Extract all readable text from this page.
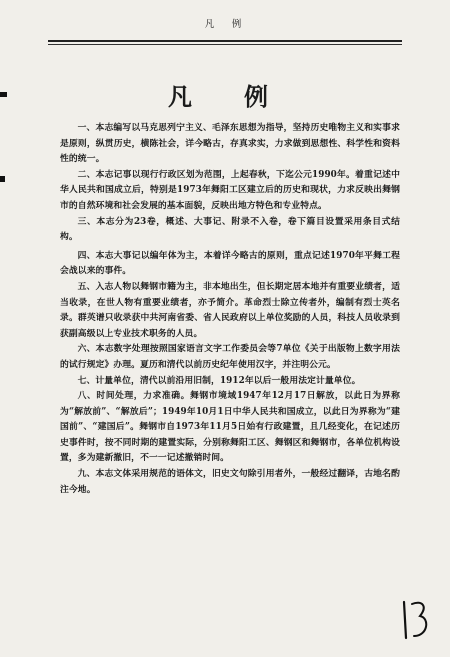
凡　例
凡　例

一、本志编写以马克思列宁主义、毛泽东思想为指导，坚持历史唯物主义和实事求是原则，纵贯历史，横陈社会，详今略古，存真求实，力求做到思想性、科学性和资料性的统一。

二、本志记事以现行行政区划为范围，上起春秋，下迄公元1990年。着重记述中华人民共和国成立后，特别是1973年舞阳工区建立后的历史和现状，力求反映出舞钢市的自然环境和社会发展的基本面貌，反映出地方特色和专业特点。

三、本志分为23卷，概述、大事记、附录不入卷，卷下篇目设置采用条目式结构。

四、本志大事记以编年体为主，本着详今略古的原则，重点记述1970年平舞工程会战以来的事件。

五、入志人物以舞钢市籍为主，非本地出生，但长期定居本地并有重要业绩者，适当收录，在世人物有重要业绩者，亦予简介。革命烈士除立传者外，编制有烈士英名录。群英谱只收录获中共河南省委、省人民政府以上单位奖励的人员，科技人员收录到获副高级以上专业技术职务的人员。

六、本志数字处理按照国家语言文字工作委员会等7单位《关于出版物上数字用法的试行规定》办理。夏历和清代以前历史纪年使用汉字，并注明公元。

七、计量单位，清代以前沿用旧制，1912年以后一般用法定计量单位。

八、时间处理，力求准确。舞钢市境域1947年12月17日解放，以此日为界称为“解放前”、“解放后”；1949年10月1日中华人民共和国成立，以此日为界称为“建国前”、“建国后”。舞钢市自1973年11月5日始有行政建置，且几经变化，在记述历史事件时，按不同时期的建置实际，分别称舞阳工区、舞钢区和舞钢市，各单位机构设置，多为建新撤旧，不一一记述撤销时间。

九、本志文体采用规范的语体文，旧史文句除引用者外，一般经过翻译，古地名酌注今地。
